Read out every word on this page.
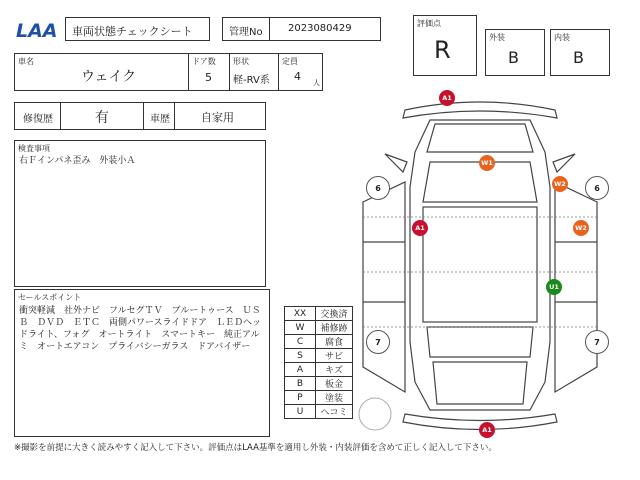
LAA 車両状態チェックシート	管理No	2023080429	評価点
R	外装
B
内装
B
車名
ウェイク
ドア数
5
形状
軽-RV系
定員
4 人
修復歴	有	車歴	自家用
検査事項
右Ｆインパネ歪み　外装小Ａ
セールスポイント
衝突軽減　社外ナビ　フルセグＴＶ　ブルートゥース　ＵＳＢ　ＤＶＤ　ＥＴＣ　両側パワースライドドア　ＬＥＤヘッドライト、フォグ　オートライト　スマートキー　純正アルミ　オートエアコン　プライバシーガラス　ドアバイザー
XX	交換済
W	補修跡
C	腐食
S	サビ
A	キズ
B	板金
P	塗装
U	ヘコミ
A1
W1
A1
W2
W2
U1
A1
6	6
7	7
※撮影を前提に大きく読みやすく記入して下さい。評価点はLAA基準を適用し外装・内装評価を含めて正しく記入して下さい。
